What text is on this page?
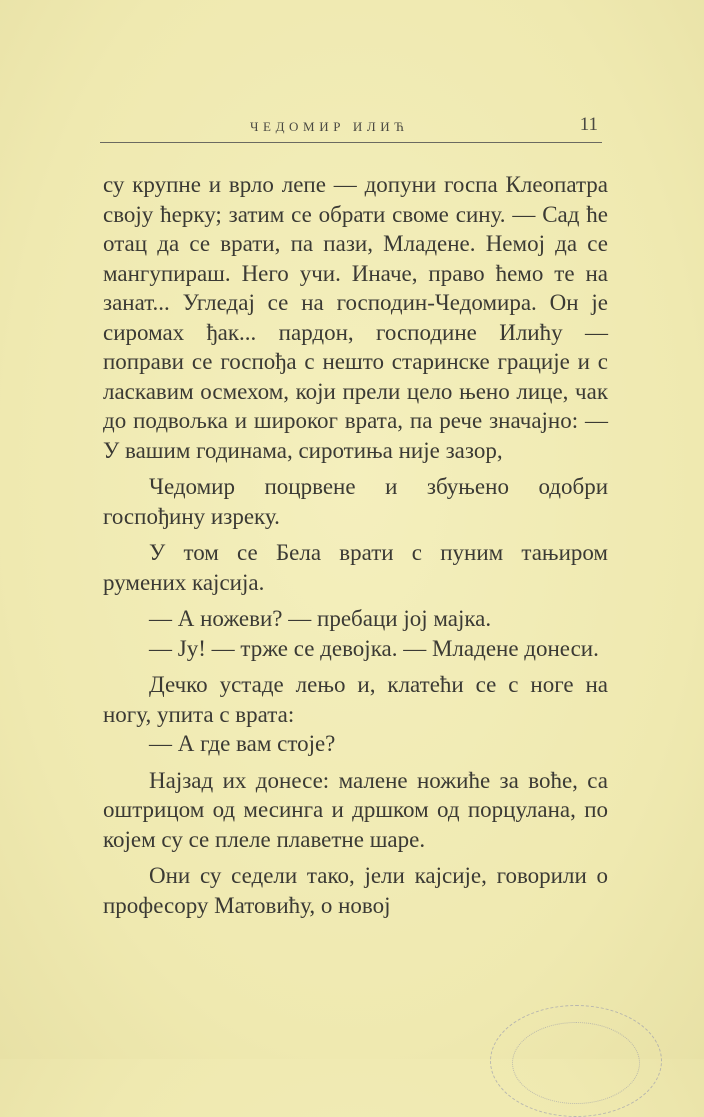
ЧЕДОМИР ИЛИЋ	11

су крупне и врло лепе — допуни госпа Клеопатра своју ћерку; затим се обрати своме сину. — Сад ће отац да се врати, па пази, Младене. Немој да се мангупираш. Него учи. Иначе, право ћемо те на занат... Угледај се на господин-Чедомира. Он је сиромах ђак... пардон, господине Илићу — поправи се госпођа с нешто старинске грације и с ласкавим осмехом, који прели цело њено лице, чак до подвољка и широког врата, па рече значајно: — У вашим годинама, сиротиња није зазор,

Чедомир поцрвене и збуњено одобри госпођину изреку.

У том се Бела врати с пуним тањиром румених кајсија.

— А ножеви? — пребаци јој мајка.

— Ју! — трже се девојка. — Младене донеси.

Дечко устаде лењо и, клатећи се с ноге на ногу, упита с врата:

— А где вам стоје?

Најзад их донесе: малене ножиће за воће, са оштрицом од месинга и дршком од порцулана, по којем су се плеле плаветне шаре.

Они су седели тако, јели кајсије, говорили о професору Матовићу, о новој
